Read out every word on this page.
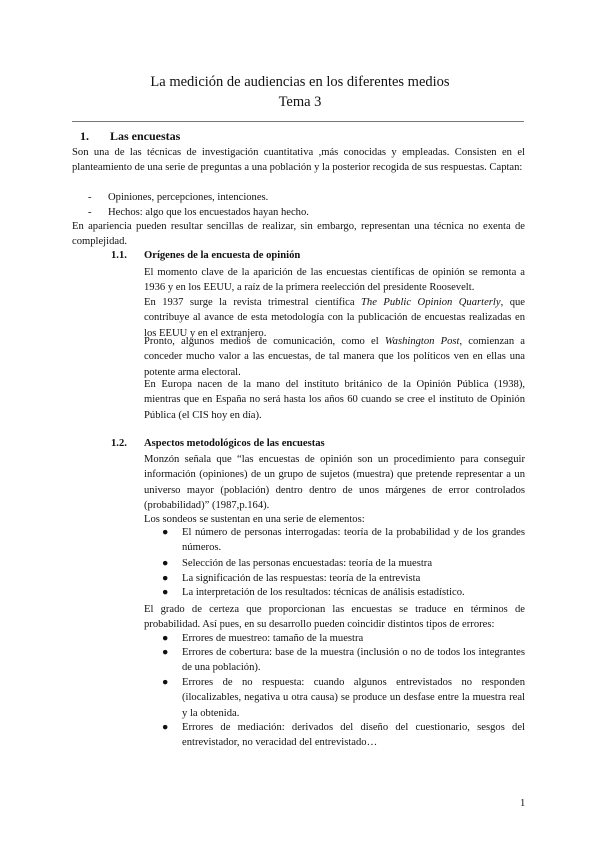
La medición de audiencias en los diferentes medios
Tema 3
1. Las encuestas
Son una de las técnicas de investigación cuantitativa ,más conocidas y empleadas. Consisten en el planteamiento de una serie de preguntas a una población y la posterior recogida de sus respuestas. Captan:
- Opiniones, percepciones, intenciones.
- Hechos: algo que los encuestados hayan hecho.
En apariencia pueden resultar sencillas de realizar, sin embargo, representan una técnica no exenta de complejidad.
1.1. Orígenes de la encuesta de opinión
El momento clave de la aparición de las encuestas científicas de opinión se remonta a 1936 y en los EEUU, a raíz de la primera reelección del presidente Roosevelt.
En 1937 surge la revista trimestral científica The Public Opinion Quarterly, que contribuye al avance de esta metodología con la publicación de encuestas realizadas en los EEUU y en el extranjero.
Pronto, algunos medios de comunicación, como el Washington Post, comienzan a conceder mucho valor a las encuestas, de tal manera que los políticos ven en ellas una potente arma electoral.
En Europa nacen de la mano del instituto británico de la Opinión Pública (1938), mientras que en España no será hasta los años 60 cuando se cree el instituto de Opinión Pública (el CIS hoy en día).
1.2. Aspectos metodológicos de las encuestas
Monzón señala que “las encuestas de opinión son un procedimiento para conseguir información (opiniones) de un grupo de sujetos (muestra) que pretende representar a un universo mayor (población) dentro dentro de unos márgenes de error controlados (probabilidad)” (1987,p.164).
Los sondeos se sustentan en una serie de elementos:
●	El número de personas interrogadas: teoría de la probabilidad y de los grandes números.
●	Selección de las personas encuestadas: teoría de la muestra
●	La significación de las respuestas: teoría de la entrevista
●	La interpretación de los resultados: técnicas de análisis estadístico.
El grado de certeza que proporcionan las encuestas se traduce en términos de probabilidad. Así pues, en su desarrollo pueden coincidir distintos tipos de errores:
●	Errores de muestreo: tamaño de la muestra
●	Errores de cobertura: base de la muestra (inclusión o no de todos los integrantes de una población).
●	Errores de no respuesta: cuando algunos entrevistados no responden (ilocalizables, negativa u otra causa) se produce un desfase entre la muestra real y la obtenida.
●	Errores de mediación: derivados del diseño del cuestionario, sesgos del entrevistador, no veracidad del entrevistado…
1
